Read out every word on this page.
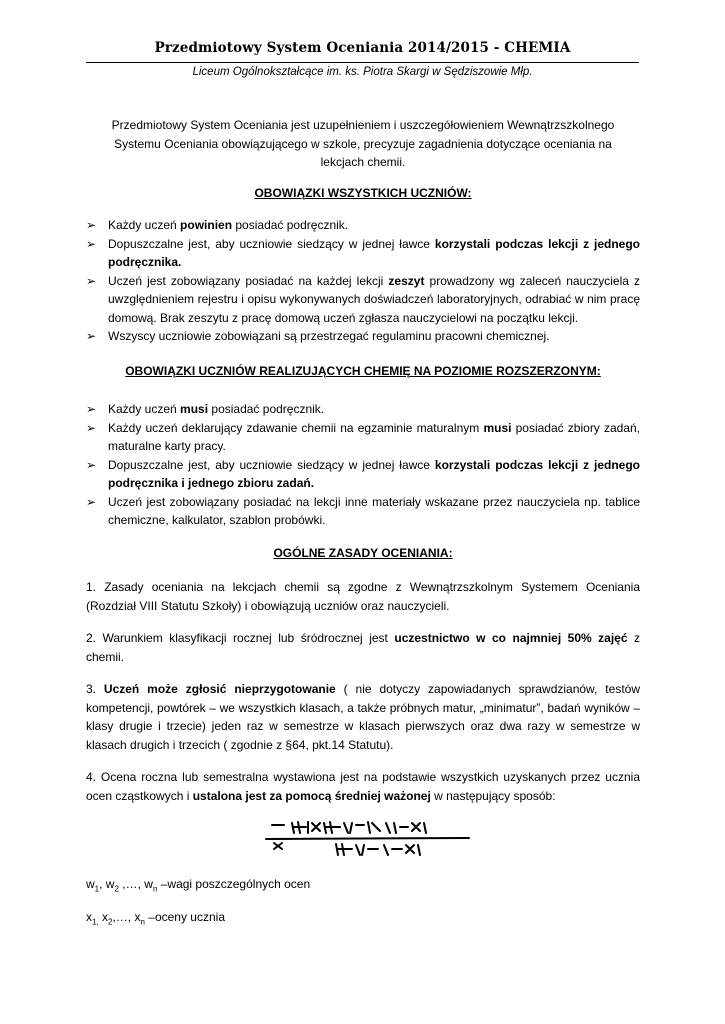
Przedmiotowy System Oceniania 2014/2015 - CHEMIA
Liceum Ogólnokształcące im. ks. Piotra Skargi w Sędziszowie Młp.
Przedmiotowy System Oceniania jest uzupełnieniem i uszczegółowieniem Wewnątrzszkolnego Systemu Oceniania obowiązującego w szkole, precyzuje zagadnienia dotyczące oceniania na lekcjach chemii.
OBOWIĄZKI WSZYSTKICH UCZNIÓW:
➢ Każdy uczeń powinien posiadać podręcznik.
➢ Dopuszczalne jest, aby uczniowie siedzący w jednej ławce korzystali podczas lekcji z jednego podręcznika.
➢ Uczeń jest zobowiązany posiadać na każdej lekcji zeszyt prowadzony wg zaleceń nauczyciela z uwzględnieniem rejestru i opisu wykonywanych doświadczeń laboratoryjnych, odrabiać w nim pracę domową. Brak zeszytu z pracę domową uczeń zgłasza nauczycielowi na początku lekcji.
➢ Wszyscy uczniowie zobowiązani są przestrzegać regulaminu pracowni chemicznej.
OBOWIĄZKI UCZNIÓW REALIZUJĄCYCH CHEMIĘ NA POZIOMIE ROZSZERZONYM:
➢ Każdy uczeń musi posiadać podręcznik.
➢ Każdy uczeń deklarujący zdawanie chemii na egzaminie maturalnym musi posiadać zbiory zadań, maturalne karty pracy.
➢ Dopuszczalne jest, aby uczniowie siedzący w jednej ławce korzystali podczas lekcji z jednego podręcznika i jednego zbioru zadań.
➢ Uczeń jest zobowiązany posiadać na lekcji inne materiały wskazane przez nauczyciela np. tablice chemiczne, kalkulator, szablon probówki.
OGÓLNE ZASADY OCENIANIA:
1. Zasady oceniania na lekcjach chemii są zgodne z Wewnątrzszkolnym Systemem Oceniania (Rozdział VIII Statutu Szkoły) i obowiązują uczniów oraz nauczycieli.
2. Warunkiem klasyfikacji rocznej lub śródrocznej jest uczestnictwo w co najmniej 50% zajęć z chemii.
3. Uczeń może zgłosić nieprzygotowanie ( nie dotyczy zapowiadanych sprawdzianów, testów kompetencji, powtórek – we wszystkich klasach, a także próbnych matur, „minimatur”, badań wyników – klasy drugie i trzecie) jeden raz w semestrze w klasach pierwszych oraz dwa razy w semestrze w klasach drugich i trzecich ( zgodnie z §64, pkt.14 Statutu).
4. Ocena roczna lub semestralna wystawiona jest na podstawie wszystkich uzyskanych przez ucznia ocen cząstkowych i ustalona jest za pomocą średniej ważonej w następujący sposób:
$w_1$, $w_2$ ,…, $w_n$ –wagi poszczególnych ocen
$x_{1,}$ $x_2,\dots$, $x_n$ –oceny ucznia
